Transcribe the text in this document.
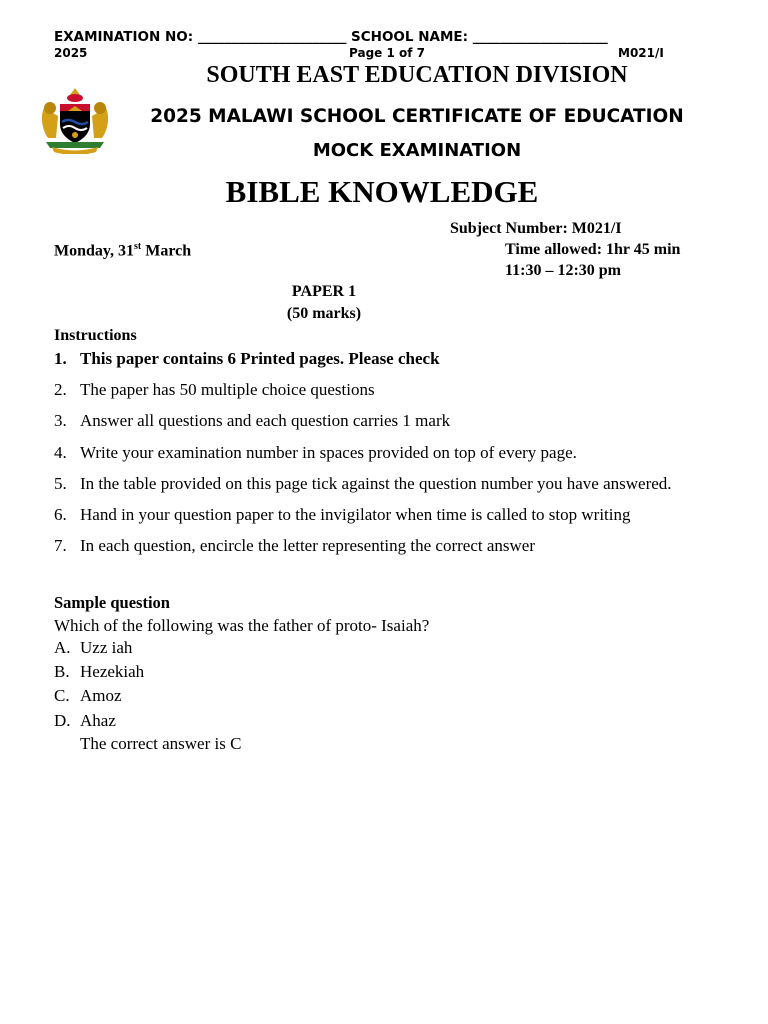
EXAMINATION NO: ______________________ SCHOOL NAME: ____________________
2025	Page 1 of 7	M021/I
SOUTH EAST EDUCATION DIVISION
2025 MALAWI SCHOOL CERTIFICATE OF EDUCATION
MOCK EXAMINATION
BIBLE KNOWLEDGE
Subject Number: M021/I
Monday, 31st March	Time allowed: 1hr 45 min
11:30 – 12:30 pm
PAPER 1
(50 marks)
Instructions
1. This paper contains 6 Printed pages. Please check
2. The paper has 50 multiple choice questions
3. Answer all questions and each question carries 1 mark
4. Write your examination number in spaces provided on top of every page.
5. In the table provided on this page tick against the question number you have answered.
6. Hand in your question paper to the invigilator when time is called to stop writing
7. In each question, encircle the letter representing the correct answer
Sample question
Which of the following was the father of proto- Isaiah?
A. Uzz iah
B. Hezekiah
C. Amoz
D. Ahaz
The correct answer is C
